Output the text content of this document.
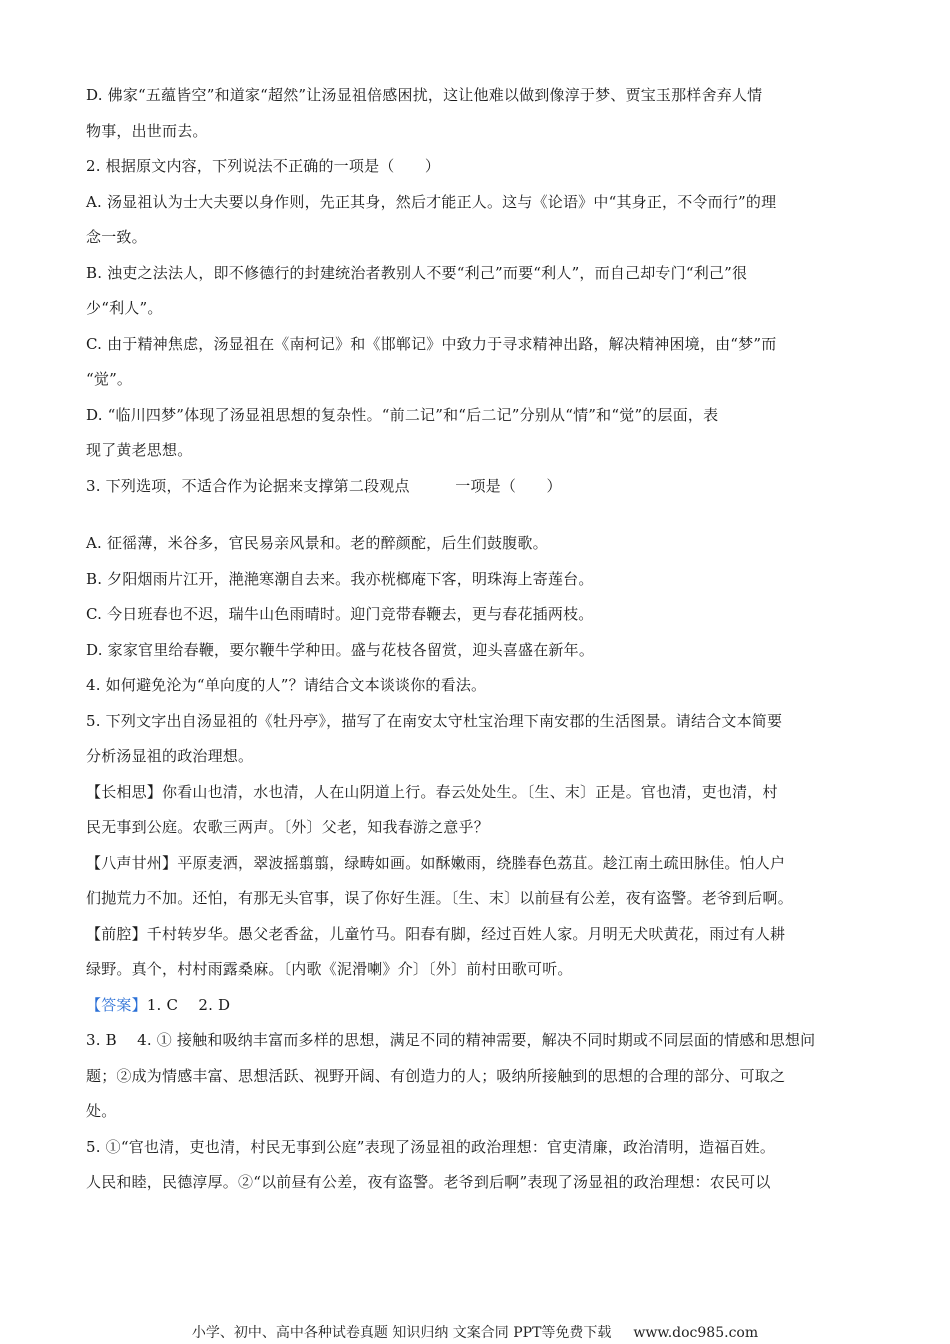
D. 佛家“五蕴皆空”和道家“超然”让汤显祖倍感困扰，这让他难以做到像淳于梦、贾宝玉那样舍弃人情
物事，出世而去。
2. 根据原文内容，下列说法不正确的一项是（　　）
A. 汤显祖认为士大夫要以身作则，先正其身，然后才能正人。这与《论语》中“其身正，不令而行”的理
念一致。
B. 浊吏之法法人，即不修德行的封建统治者教别人不要“利己”而要“利人”，而自己却专门“利己”很
少“利人”。
C. 由于精神焦虑，汤显祖在《南柯记》和《邯郸记》中致力于寻求精神出路，解决精神困境，由“梦”而
“觉”。
D. “临川四梦”体现了汤显祖思想的复杂性。“前二记”和“后二记”分别从“情”和“觉”的层面，表
现了黄老思想。
3. 下列选项，不适合作为论据来支撑第二段观点　　　一项是（　　）
A. 征徭薄，米谷多，官民易亲风景和。老的醉颜酡，后生们鼓腹歌。
B. 夕阳烟雨片江开，滟滟寒潮自去来。我亦桄榔庵下客，明珠海上寄莲台。
C. 今日班春也不迟，瑞牛山色雨晴时。迎门竞带春鞭去，更与春花插两枝。
D. 家家官里给春鞭，要尔鞭牛学种田。盛与花枝各留赏，迎头喜盛在新年。
4. 如何避免沦为“单向度的人”？请结合文本谈谈你的看法。
5. 下列文字出自汤显祖的《牡丹亭》，描写了在南安太守杜宝治理下南安郡的生活图景。请结合文本简要
分析汤显祖的政治理想。
【长相思】你看山也清，水也清，人在山阴道上行。春云处处生。〔生、末〕正是。官也清，吏也清，村
民无事到公庭。农歌三两声。〔外〕父老，知我春游之意乎？
【八声甘州】平原麦洒，翠波摇翦翦，绿畴如画。如酥嫩雨，绕塍春色荔苴。趁江南土疏田脉佳。怕人户
们抛荒力不加。还怕，有那无头官事，误了你好生涯。〔生、末〕以前昼有公差，夜有盗警。老爷到后啊。
【前腔】千村转岁华。愚父老香盆，儿童竹马。阳春有脚，经过百姓人家。月明无犬吠黄花，雨过有人耕
绿野。真个，村村雨露桑麻。〔内歌《泥滑喇》介〕〔外〕前村田歌可听。
【答案】1. C　 2. D
3. B　 4. ① 接触和吸纳丰富而多样的思想，满足不同的精神需要，解决不同时期或不同层面的情感和思想问
题；②成为情感丰富、思想活跃、视野开阔、有创造力的人；吸纳所接触到的思想的合理的部分、可取之
处。
5. ①“官也清，吏也清，村民无事到公庭”表现了汤显祖的政治理想：官吏清廉，政治清明，造福百姓。
人民和睦，民德淳厚。②“以前昼有公差，夜有盗警。老爷到后啊”表现了汤显祖的政治理想：农民可以
小学、初中、高中各种试卷真题 知识归纳 文案合同 PPT等免费下载 www.doc985.com
